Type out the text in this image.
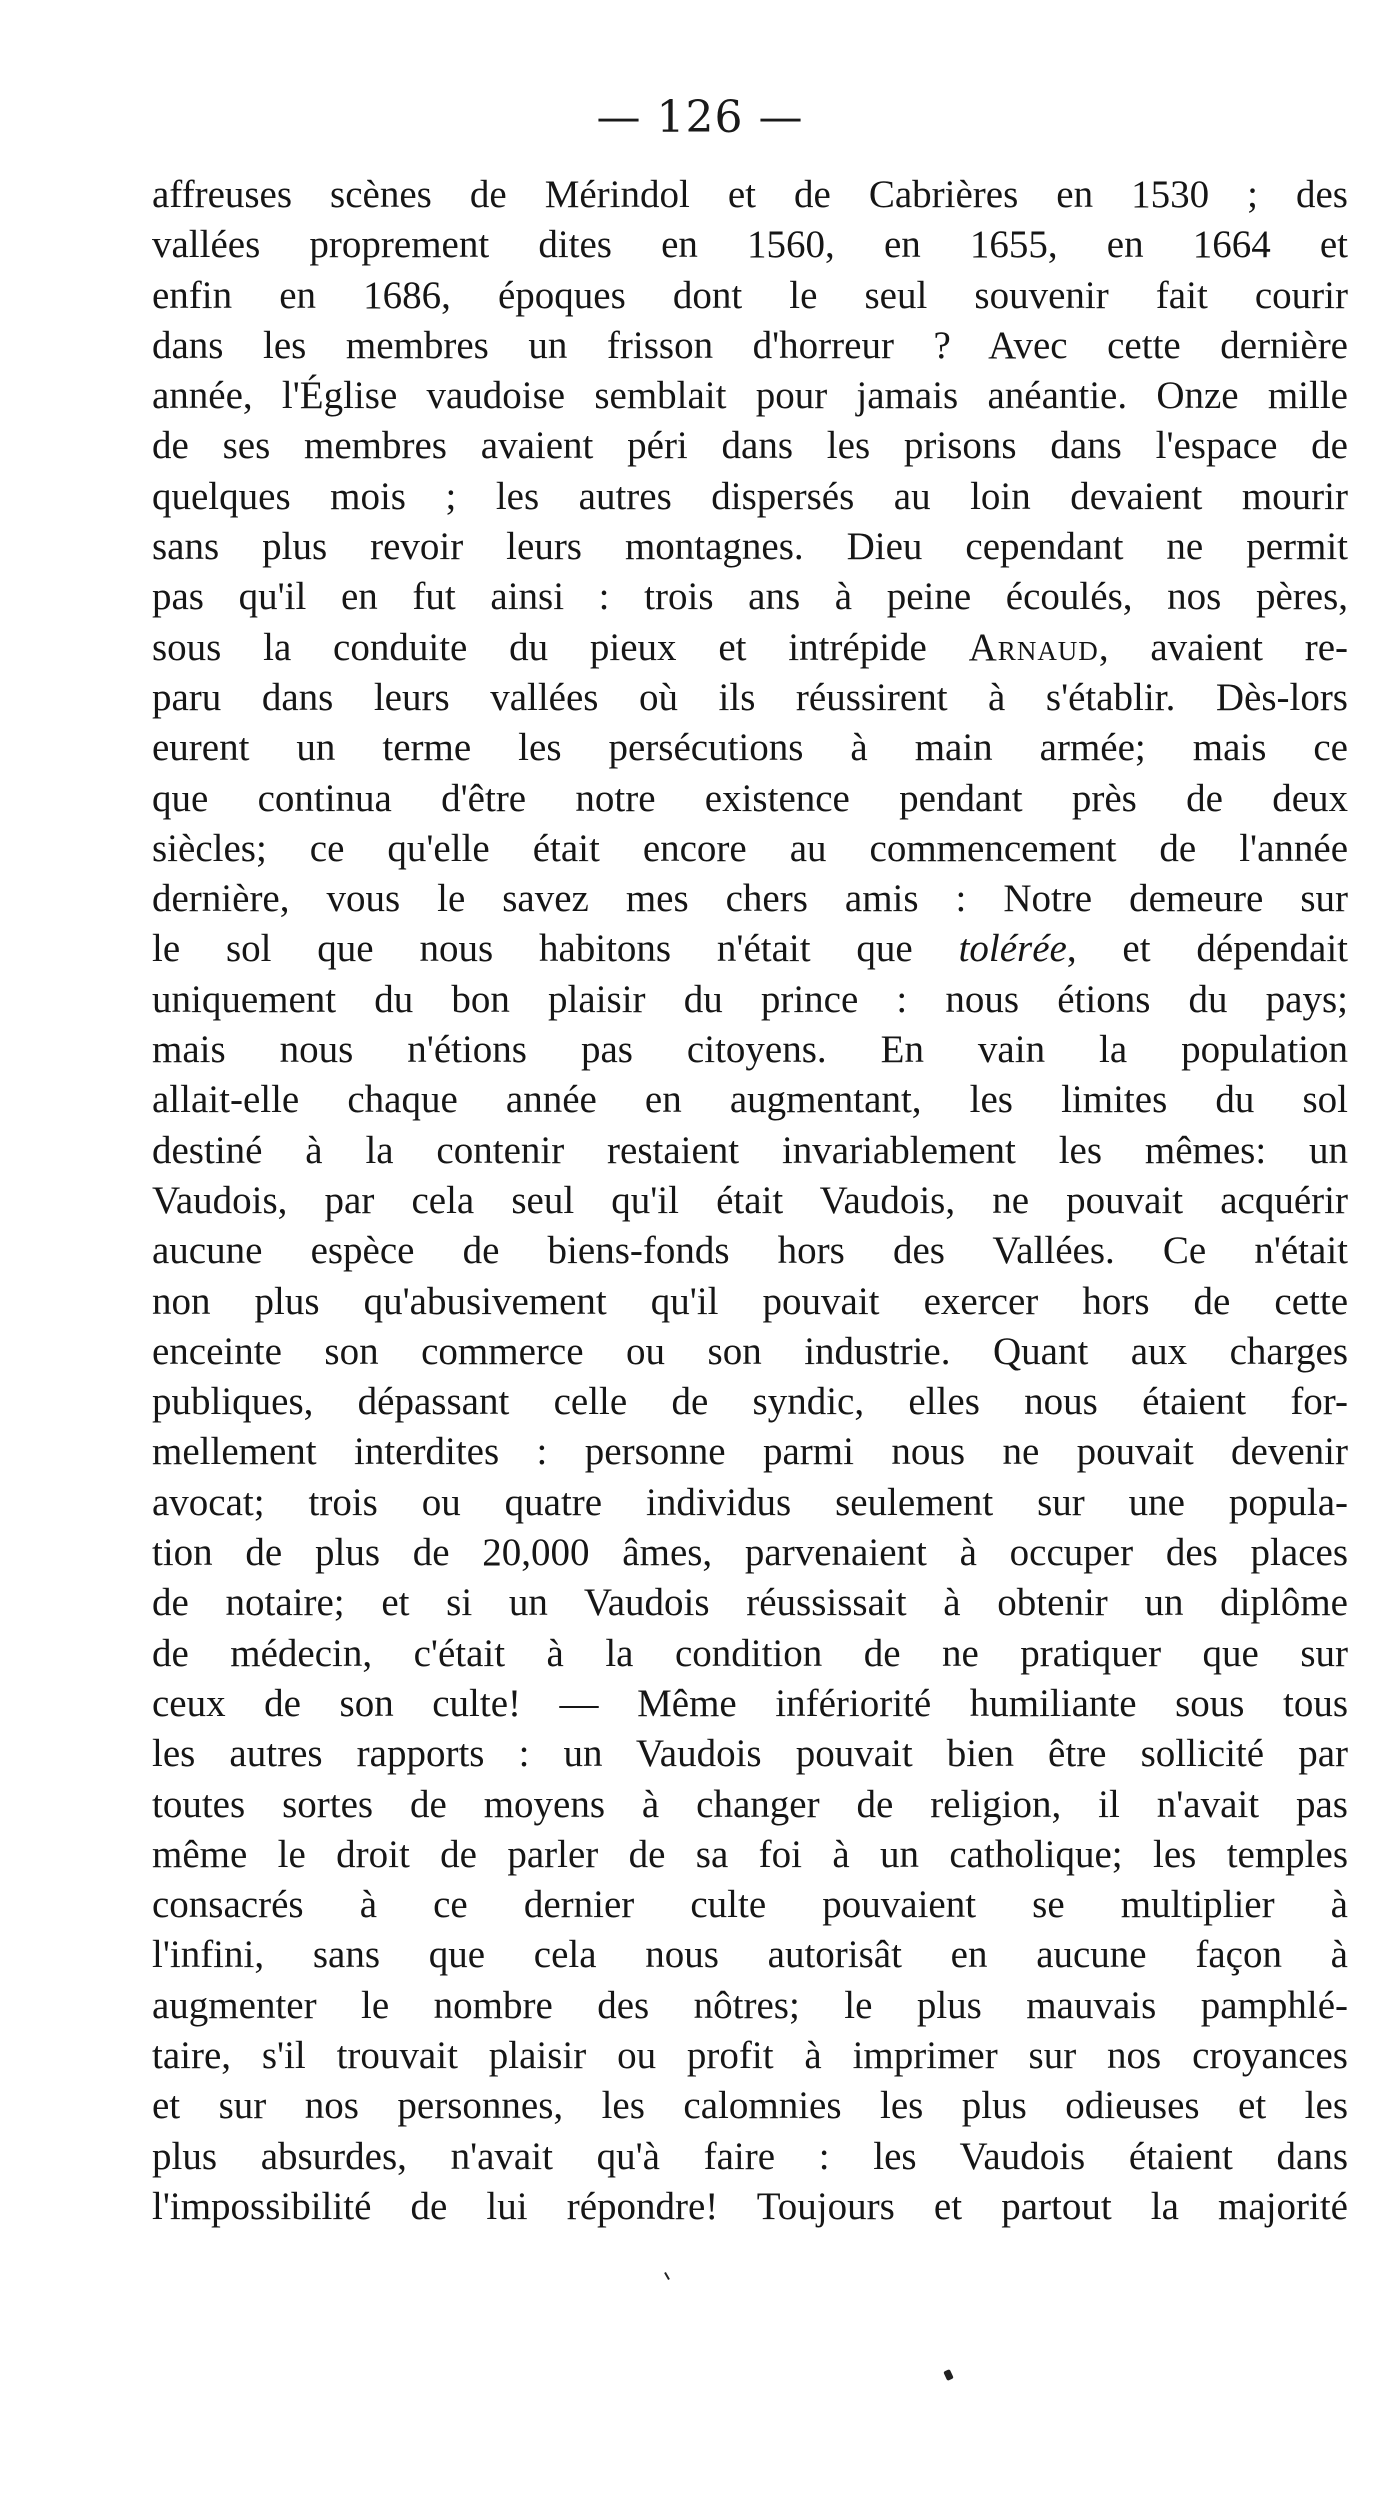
— 126 —
affreuses scènes de Mérindol et de Cabrières en 1530 ; des
vallées proprement dites en 1560, en 1655, en 1664 et
enfin en 1686, époques dont le seul souvenir fait courir
dans les membres un frisson d'horreur ? Avec cette dernière
année, l'Église vaudoise semblait pour jamais anéantie. Onze mille
de ses membres avaient péri dans les prisons dans l'espace de
quelques mois ; les autres dispersés au loin devaient mourir
sans plus revoir leurs montagnes. Dieu cependant ne permit
pas qu'il en fut ainsi : trois ans à peine écoulés, nos pères,
sous la conduite du pieux et intrépide Arnaud, avaient re-
paru dans leurs vallées où ils réussirent à s'établir. Dès-lors
eurent un terme les persécutions à main armée; mais ce
que continua d'être notre existence pendant près de deux
siècles; ce qu'elle était encore au commencement de l'année
dernière, vous le savez mes chers amis : Notre demeure sur
le sol que nous habitons n'était que tolérée, et dépendait
uniquement du bon plaisir du prince : nous étions du pays;
mais nous n'étions pas citoyens. En vain la population
allait-elle chaque année en augmentant, les limites du sol
destiné à la contenir restaient invariablement les mêmes: un
Vaudois, par cela seul qu'il était Vaudois, ne pouvait acquérir
aucune espèce de biens-fonds hors des Vallées. Ce n'était
non plus qu'abusivement qu'il pouvait exercer hors de cette
enceinte son commerce ou son industrie. Quant aux charges
publiques, dépassant celle de syndic, elles nous étaient for-
mellement interdites : personne parmi nous ne pouvait devenir
avocat; trois ou quatre individus seulement sur une popula-
tion de plus de 20,000 âmes, parvenaient à occuper des places
de notaire; et si un Vaudois réussissait à obtenir un diplôme
de médecin, c'était à la condition de ne pratiquer que sur
ceux de son culte! — Même infériorité humiliante sous tous
les autres rapports : un Vaudois pouvait bien être sollicité par
toutes sortes de moyens à changer de religion, il n'avait pas
même le droit de parler de sa foi à un catholique; les temples
consacrés à ce dernier culte pouvaient se multiplier à
l'infini, sans que cela nous autorisât en aucune façon à
augmenter le nombre des nôtres; le plus mauvais pamphlé-
taire, s'il trouvait plaisir ou profit à imprimer sur nos croyances
et sur nos personnes, les calomnies les plus odieuses et les
plus absurdes, n'avait qu'à faire : les Vaudois étaient dans
l'impossibilité de lui répondre! Toujours et partout la majorité
